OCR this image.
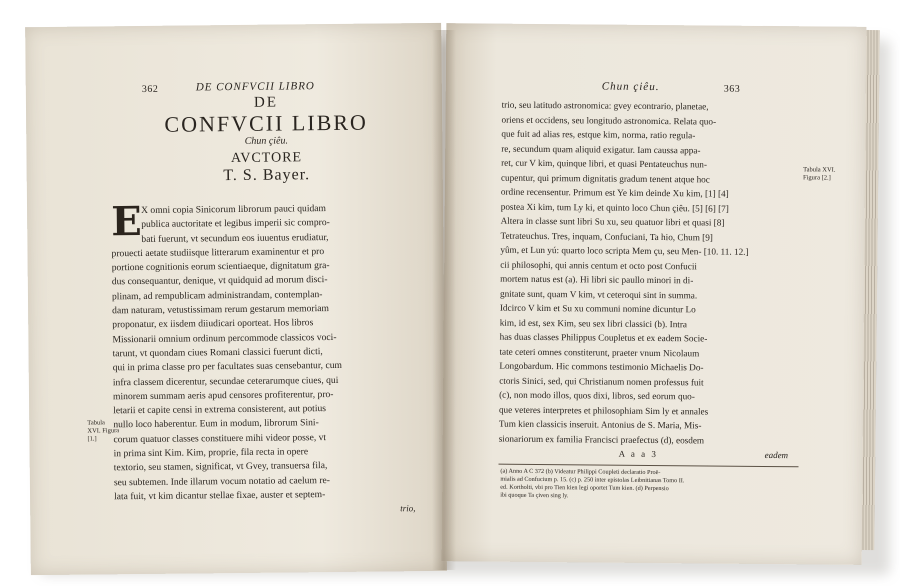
362	DE CONFVCII LIBRO
DE
CONFVCII LIBRO
Chun çiêu.
AVCTORE
T. S. Bayer.
E X omni copia Sinicorum librorum pauci quidam
publica auctoritate et legibus imperii sic compro-
bati fuerunt, vt secundum eos iuuentus erudiatur,
prouecti aetate studiisque litterarum examinentur et pro
portione cognitionis eorum scientiaeque, dignitatum gra-
dus consequantur, denique, vt quidquid ad morum disci-
plinam, ad rempublicam administrandam, contemplan-
dam naturam, vetustissimam rerum gestarum memoriam
proponatur, ex iisdem diiudicari oporteat. Hos libros
Missionarii omnium ordinum percommode classicos voci-
tarunt, vt quondam ciues Romani classici fuerunt dicti,
qui in prima classe pro per facultates suas censebantur, cum
infra classem dicerentur, secundae ceterarumque ciues, qui
minorem summam aeris apud censores profiterentur, pro-
letarii et capite censi in extrema consisterent, aut potius
nullo loco haberentur. Eum in modum, librorum Sini-
corum quatuor classes constituere mihi videor posse, vt
in prima sint Kim. Kim, proprie, fila recta in opere
textorio, seu stamen, significat, vt Gvey, transuersa fila,
seu subtemen. Inde illarum vocum notatio ad caelum re-
lata fuit, vt kim dicantur stellae fixae, auster et septem-
Tabula XVI. Figura [1.]
trio,
Chun çiêu.	363
trio, seu latitudo astronomica: gvey econtrario, planetae,
oriens et occidens, seu longitudo astronomica. Relata quo-
que fuit ad alias res, estque kim, norma, ratio regula-
re, secundum quam aliquid exigatur. Iam caussa appa-
ret, cur V kim, quinque libri, et quasi Pentateuchus nun-
cupentur, qui primum dignitatis gradum tenent atque hoc
ordine recensentur. Primum est Ye kim deinde Xu kim, [1] [4]
postea Xi kim, tum Ly ki, et quinto loco Chun çiêu. [5] [6] [7]
Altera in classe sunt libri Su xu, seu quatuor libri et quasi [8]
Tetrateuchus. Tres, inquam, Confuciani, Ta hio, Chum [9]
yûm, et Lun yú: quarto loco scripta Mem çu, seu Men- [10. 11. 12.]
cii philosophi, qui annis centum et octo post Confucii
mortem natus est (a). Hi libri sic paullo minori in di-
gnitate sunt, quam V kim, vt ceteroqui sint in summa.
Idcirco V kim et Su xu communi nomine dicuntur Lo
kim, id est, sex Kim, seu sex libri classici (b). Intra
has duas classes Philippus Coupletus et ex eadem Socie-
tate ceteri omnes constiterunt, praeter vnum Nicolaum
Longobardum. Hic commons testimonio Michaelis Do-
ctoris Sinici, sed, qui Christianum nomen professus fuit
(c), non modo illos, quos dixi, libros, sed eorum quo-
que veteres interpretes et philosophiam Sim ly et annales
Tum kien classicis inseruit. Antonius de S. Maria, Mis-
sionariorum ex familia Francisci praefectus (d), eosdem
Tabula XVI. Figura [2.]
A a a 3	eadem
(a) Anno A C 372 (b) Videatur Philippi Coupleti declaratio Proë-
mialis ad Confucium p. 15. (c) p. 250 inter epistolas Leibnitianas Tomo II.
ed. Kortholti, vbi pro Tien kien legi oportet Tum kien. (d) Perpensio
ibi quoque Ta çiven sing ly.
